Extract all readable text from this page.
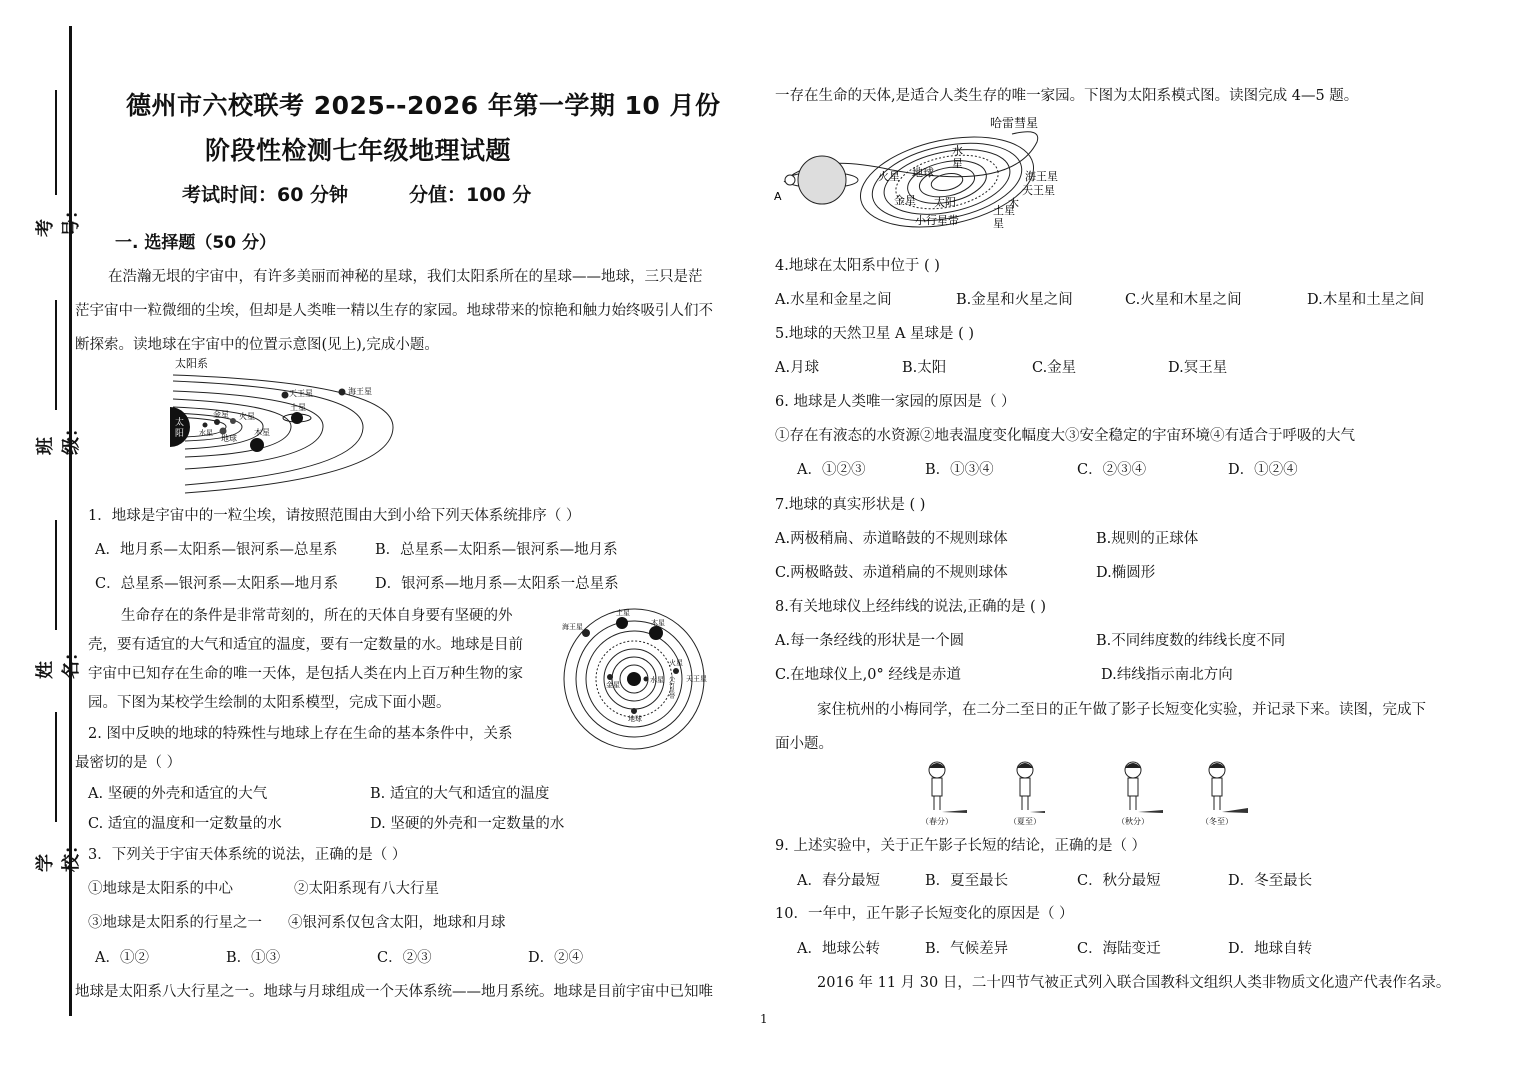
考号：
班级：
姓名：
学校：
德州市六校联考 2025--2026 年第一学期 10 月份
阶段性检测七年级地理试题
考试时间：60 分钟	分值：100 分
一. 选择题（50 分）
在浩瀚无垠的宇宙中，有许多美丽而神秘的星球，我们太阳系所在的星球——地球，三只是茫
茫宇宙中一粒微细的尘埃，但却是人类唯一精以生存的家园。地球带来的惊艳和触力始终吸引人们不
断探索。读地球在宇宙中的位置示意图(见上),完成小题。
太阳系
太
阳 水星
金星
地球
火星
木星
土星
天王星	海王星
1．地球是宇宙中的一粒尘埃，请按照范围由大到小给下列天体系统排序（ ）
A．地月系—太阳系—银河系—总星系	B．总星系—太阳系—银河系—地月系
C．总星系—银河系—太阳系—地月系	D．银河系—地月系—太阳系一总星系
生命存在的条件是非常苛刻的，所在的天体自身要有坚硬的外
壳，要有适宜的大气和适宜的温度，要有一定数量的水。地球是目前
宇宙中已知存在生命的唯一天体，是包括人类在内上百万种生物的家
园。下图为某校学生绘制的太阳系模型，完成下面小题。
土星
木星
海王星
天王星
金星
水星
地球
火星
小行星带
2. 图中反映的地球的特殊性与地球上存在生命的基本条件中，关系
最密切的是（ ）
A. 坚硬的外壳和适宜的大气	B. 适宜的大气和适宜的温度
C. 适宜的温度和一定数量的水	D. 坚硬的外壳和一定数量的水
3．下列关于宇宙天体系统的说法，正确的是（ ）
①地球是太阳系的中心	②太阳系现有八大行星
③地球是太阳系的行星之一 ④银河系仅包含太阳，地球和月球
A．①②	B．①③	C．②③	D．②④
地球是太阳系八大行星之一。地球与月球组成一个天体系统——地月系统。地球是目前宇宙中已知唯
一存在生命的天体,是适合人类生存的唯一家园。下图为太阳系模式图。读图完成 4—5 题。
哈雷彗星
水
星
火星 地球	海王星
天王星
金星 太阳
小行星带
土星
木
星
A
4.地球在太阳系中位于 ( )
A.水星和金星之间	B.金星和火星之间	C.火星和木星之间	D.木星和土星之间
5.地球的天然卫星 A 星球是 ( )
A.月球	B.太阳	C.金星	D.冥王星
6. 地球是人类唯一家园的原因是（ ）
①存在有液态的水资源②地表温度变化幅度大③安全稳定的宇宙环境④有适合于呼吸的大气
A．①②③	B．①③④	C．②③④	D．①②④
7.地球的真实形状是 ( )
A.两极稍扁、赤道略鼓的不规则球体	B.规则的正球体
C.两极略鼓、赤道稍扁的不规则球体	D.椭圆形
8.有关地球仪上经纬线的说法,正确的是 ( )
A.每一条经线的形状是一个圆	B.不同纬度数的纬线长度不同
C.在地球仪上,0° 经线是赤道	D.纬线指示南北方向
家住杭州的小梅同学，在二分二至日的正午做了影子长短变化实验，并记录下来。读图，完成下
面小题。
（春分）	（夏至）	（秋分）	（冬至）
9. 上述实验中，关于正午影子长短的结论，正确的是（ ）
A．春分最短	B．夏至最长	C．秋分最短	D．冬至最长
10．一年中，正午影子长短变化的原因是（ ）
A．地球公转	B．气候差异	C．海陆变迁	D．地球自转
2016 年 11 月 30 日，二十四节气被正式列入联合国教科文组织人类非物质文化遗产代表作名录。
1
